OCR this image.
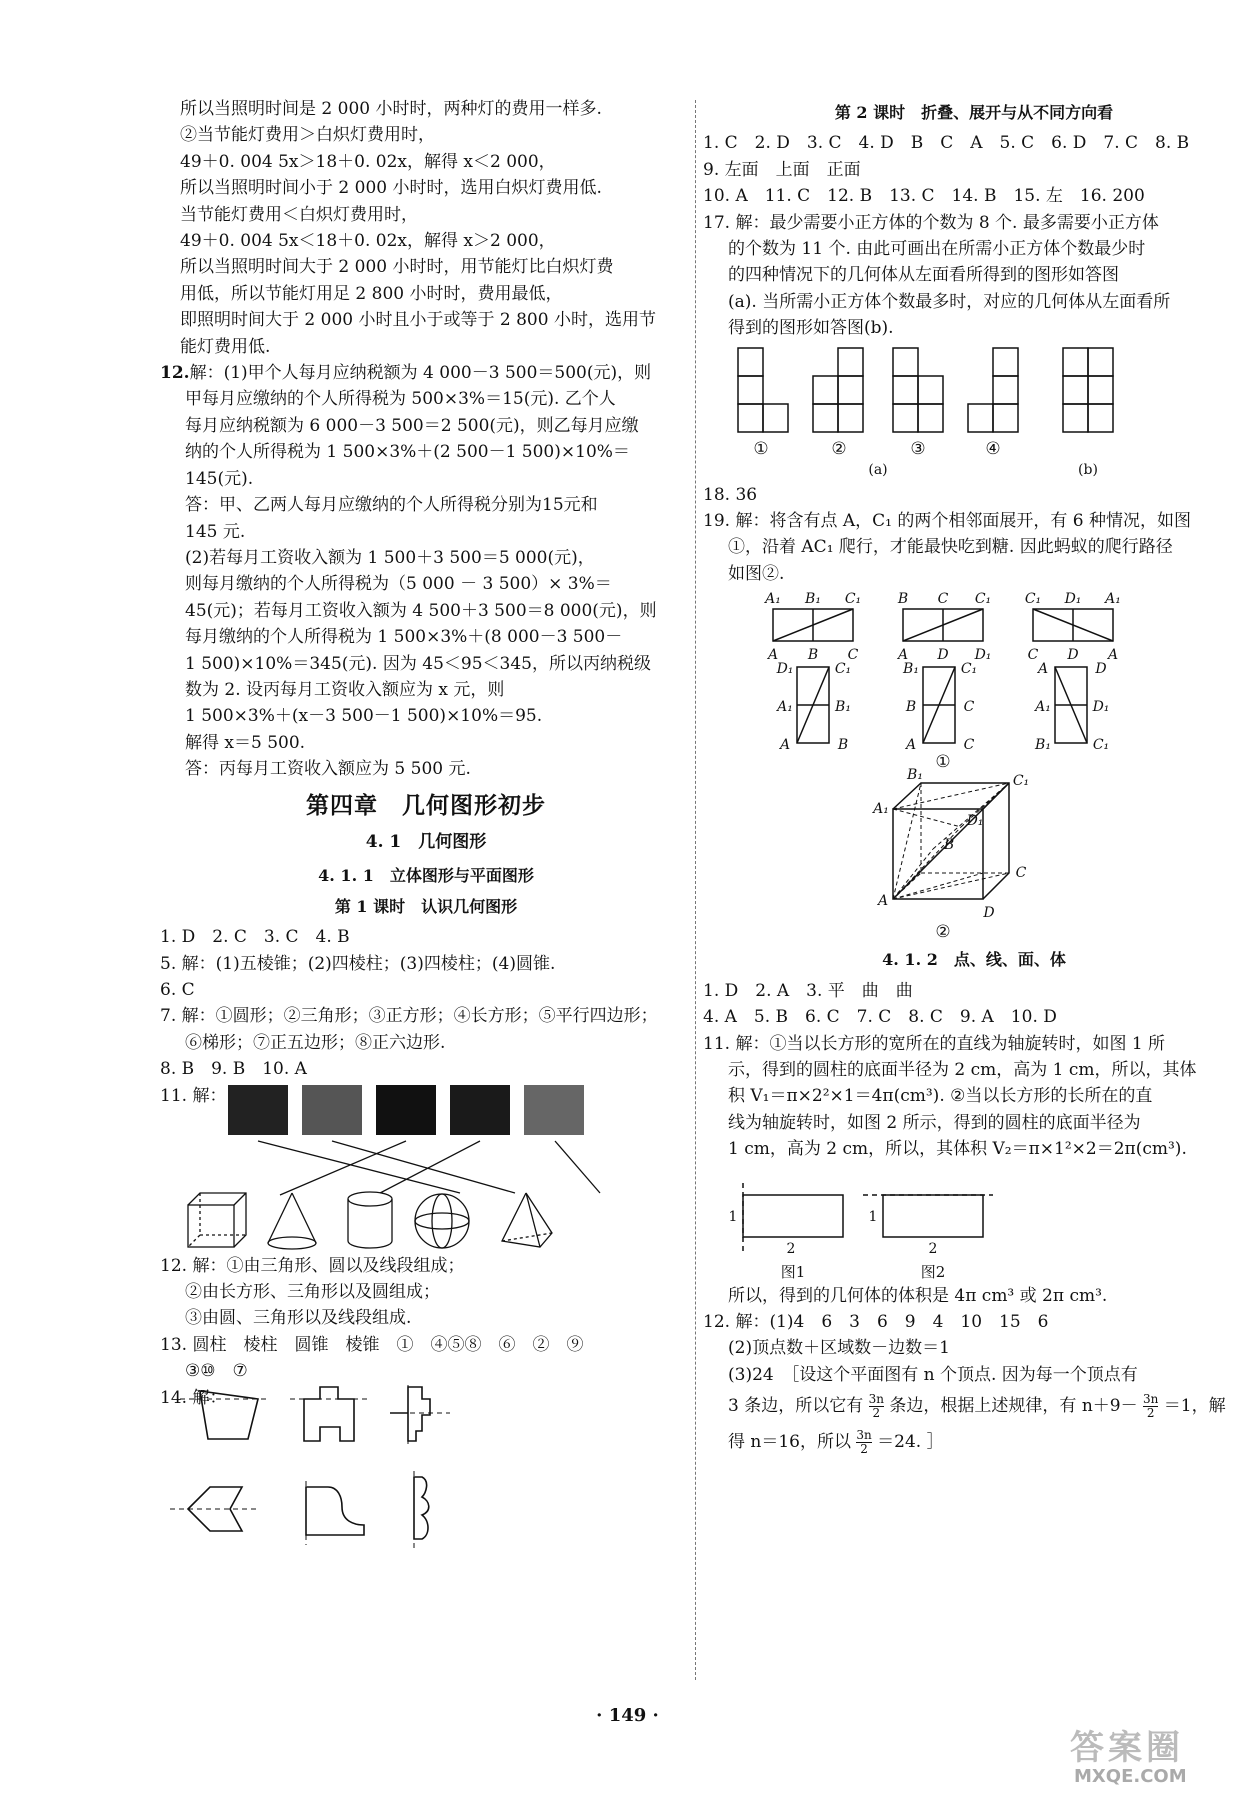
所以当照明时间是 2 000 小时时，两种灯的费用一样多.
②当节能灯费用＞白炽灯费用时，
49＋0. 004 5x＞18＋0. 02x，解得 x＜2 000，
所以当照明时间小于 2 000 小时时，选用白炽灯费用低.
当节能灯费用＜白炽灯费用时，
49＋0. 004 5x＜18＋0. 02x，解得 x＞2 000，
所以当照明时间大于 2 000 小时时，用节能灯比白炽灯费
用低，所以节能灯用足 2 800 小时时，费用最低，
即照明时间大于 2 000 小时且小于或等于 2 800 小时，选用节
能灯费用低.
12.解：(1)甲个人每月应纳税额为 4 000－3 500＝500(元)，则
甲每月应缴纳的个人所得税为 500×3%＝15(元). 乙个人
每月应纳税额为 6 000－3 500＝2 500(元)，则乙每月应缴
纳的个人所得税为 1 500×3%＋(2 500－1 500)×10%＝
145(元).
答：甲、乙两人每月应缴纳的个人所得税分别为15元和
145 元.
(2)若每月工资收入额为 1 500＋3 500＝5 000(元)，
则每月缴纳的个人所得税为（5 000 － 3 500）× 3%＝
45(元)；若每月工资收入额为 4 500＋3 500＝8 000(元)，则
每月缴纳的个人所得税为 1 500×3%＋(8 000－3 500－
1 500)×10%＝345(元). 因为 45＜95＜345，所以丙纳税级
数为 2. 设丙每月工资收入额应为 x 元，则
1 500×3%＋(x－3 500－1 500)×10%＝95.
解得 x＝5 500.
答：丙每月工资收入额应为 5 500 元.
第四章　几何图形初步
4. 1　几何图形
4. 1. 1　立体图形与平面图形
第 1 课时　认识几何图形
1. D　2. C　3. C　4. B
5. 解：(1)五棱锥；(2)四棱柱；(3)四棱柱；(4)圆锥.
6. C
7. 解：①圆形；②三角形；③正方形；④长方形；⑤平行四边形；
⑥梯形；⑦正五边形；⑧正六边形.
8. B　9. B　10. A
11. 解：
12. 解：①由三角形、圆以及线段组成；
②由长方形、三角形以及圆组成；
③由圆、三角形以及线段组成.
13. 圆柱　棱柱　圆锥　棱锥　①　④⑤⑧　⑥　②　⑨
③⑩　⑦
14. 解：
第 2 课时　折叠、展开与从不同方向看
1. C　2. D　3. C　4. D　B　C　A　5. C　6. D　7. C　8. B
9. 左面　上面　正面
10. A　11. C　12. B　13. C　14. B　15. 左　16. 200
17. 解：最少需要小正方体的个数为 8 个. 最多需要小正方体
的个数为 11 个. 由此可画出在所需小正方体个数最少时
的四种情况下的几何体从左面看所得到的图形如答图
(a). 当所需小正方体个数最多时，对应的几何体从左面看所
得到的图形如答图(b).
①	②	③	④
(a)	(b)
18. 36
19. 解：将含有点 A，C₁ 的两个相邻面展开，有 6 种情况，如图
①，沿着 AC₁ 爬行，才能最快吃到糖. 因此蚂蚁的爬行路径
如图②.
A₁ B₁ C₁
A B C
B C C₁
A D D₁
C₁ D₁ A₁
C D A
D₁
A₁
A
C₁
B₁
B
B₁
B
A
C₁
C
C
A
A₁
B₁
D
D₁
C₁
B₁	C₁
A₁
D₁
B
C
A
D
①
②
4. 1. 2　点、线、面、体
1. D　2. A　3. 平　曲　曲
4. A　5. B　6. C　7. C　8. C　9. A　10. D
11. 解：①当以长方形的宽所在的直线为轴旋转时，如图 1 所
示，得到的圆柱的底面半径为 2 cm，高为 1 cm，所以，其体
积 V₁＝π×2²×1＝4π(cm³). ②当以长方形的长所在的直
线为轴旋转时，如图 2 所示，得到的圆柱的底面半径为
1 cm，高为 2 cm，所以，其体积 V₂＝π×1²×2＝2π(cm³).
1
2
1
2
图1	图2
所以，得到的几何体的体积是 4π cm³ 或 2π cm³.
12. 解：(1)4　6　3　6　9　4　10　15　6
(2)顶点数＋区域数－边数＝1
(3)24　［设这个平面图有 n 个顶点. 因为每一个顶点有
3 条边，所以它有 $\frac{3n}{2}$ 条边，根据上述规律，有 $n+9- \frac{3n}{2} =1$，解
得 n＝16，所以 $\frac{3n}{2} =24$. ］
· 149 ·
答案圈
MXQE.COM
